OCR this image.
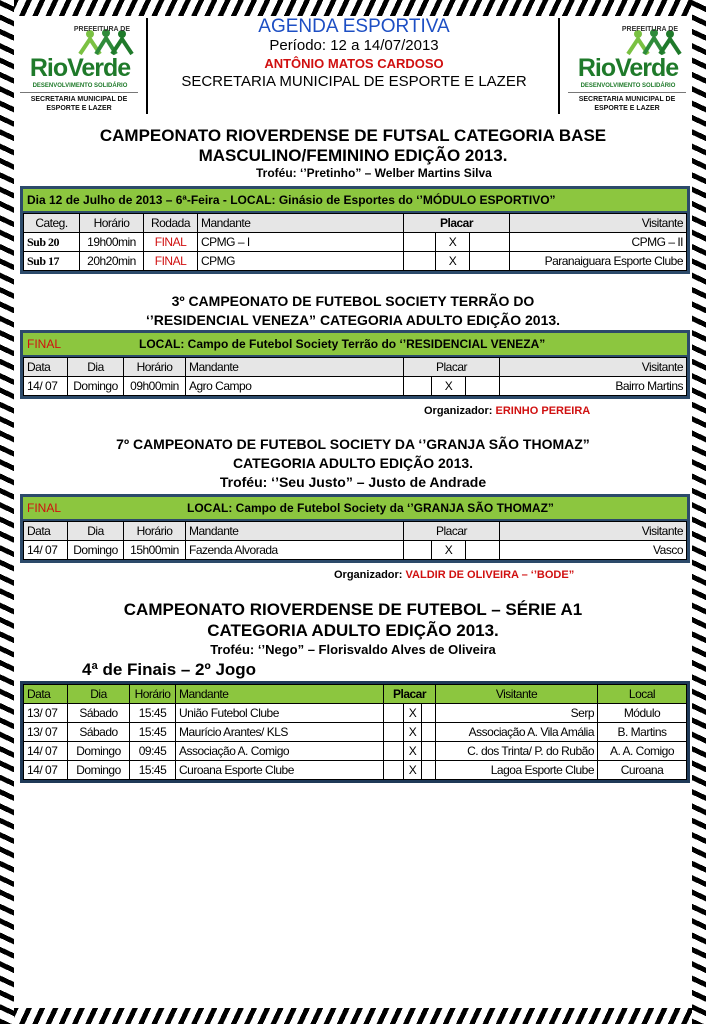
PREFEITURA DE
RioVerde
DESENVOLVIMENTO SOLIDÁRIO
SECRETARIA MUNICIPAL DE ESPORTE E LAZER
AGENDA ESPORTIVA
Período: 12 a 14/07/2013
ANTÔNIO MATOS CARDOSO
SECRETARIA MUNICIPAL DE ESPORTE E LAZER
PREFEITURA DE
RioVerde
DESENVOLVIMENTO SOLIDÁRIO
SECRETARIA MUNICIPAL DE ESPORTE E LAZER
CAMPEONATO RIOVERDENSE DE FUTSAL CATEGORIA BASE
MASCULINO/FEMININO EDIÇÃO 2013.
Troféu: ‘’Pretinho” – Welber Martins Silva
Dia 12 de Julho de 2013 – 6ª-Feira - LOCAL: Ginásio de Esportes do ‘’MÓDULO ESPORTIVO”
Categ.	Horário	Rodada	Mandante	Placar			Visitante
Sub 20	19h00min	FINAL	CPMG – I		X		CPMG – II
Sub 17	20h20min	FINAL	CPMG		X		Paranaiguara Esporte Clube
3º CAMPEONATO DE FUTEBOL SOCIETY TERRÃO DO
‘’RESIDENCIAL VENEZA” CATEGORIA ADULTO EDIÇÃO 2013.
FINAL	LOCAL: Campo de Futebol Society Terrão do ‘’RESIDENCIAL VENEZA”
Data	Dia	Horário	Mandante	Placar			Visitante
14/ 07	Domingo	09h00min	Agro Campo		X		Bairro Martins
Organizador: ERINHO PEREIRA
7º CAMPEONATO DE FUTEBOL SOCIETY DA ‘’GRANJA SÃO THOMAZ”
CATEGORIA ADULTO EDIÇÃO 2013.
Troféu: ‘’Seu Justo” – Justo de Andrade
FINAL	LOCAL: Campo de Futebol Society da ‘’GRANJA SÃO THOMAZ”
Data	Dia	Horário	Mandante	Placar			Visitante
14/ 07	Domingo	15h00min	Fazenda Alvorada		X		Vasco
Organizador: VALDIR DE OLIVEIRA – ‘’BODE”
CAMPEONATO RIOVERDENSE DE FUTEBOL – SÉRIE A1
CATEGORIA ADULTO EDIÇÃO 2013.
Troféu: ‘’Nego” – Florisvaldo Alves de Oliveira
4ª de Finais – 2º Jogo
Data	Dia	Horário	Mandante	Placar			Visitante	Local
13/ 07	Sábado	15:45	União Futebol Clube		X		Serp	Módulo
13/ 07	Sábado	15:45	Maurício Arantes/ KLS		X		Associação A. Vila Amália	B. Martins
14/ 07	Domingo	09:45	Associação A. Comigo		X		C. dos Trinta/ P. do Rubão	A. A. Comigo
14/ 07	Domingo	15:45	Curoana Esporte Clube		X		Lagoa Esporte Clube	Curoana
